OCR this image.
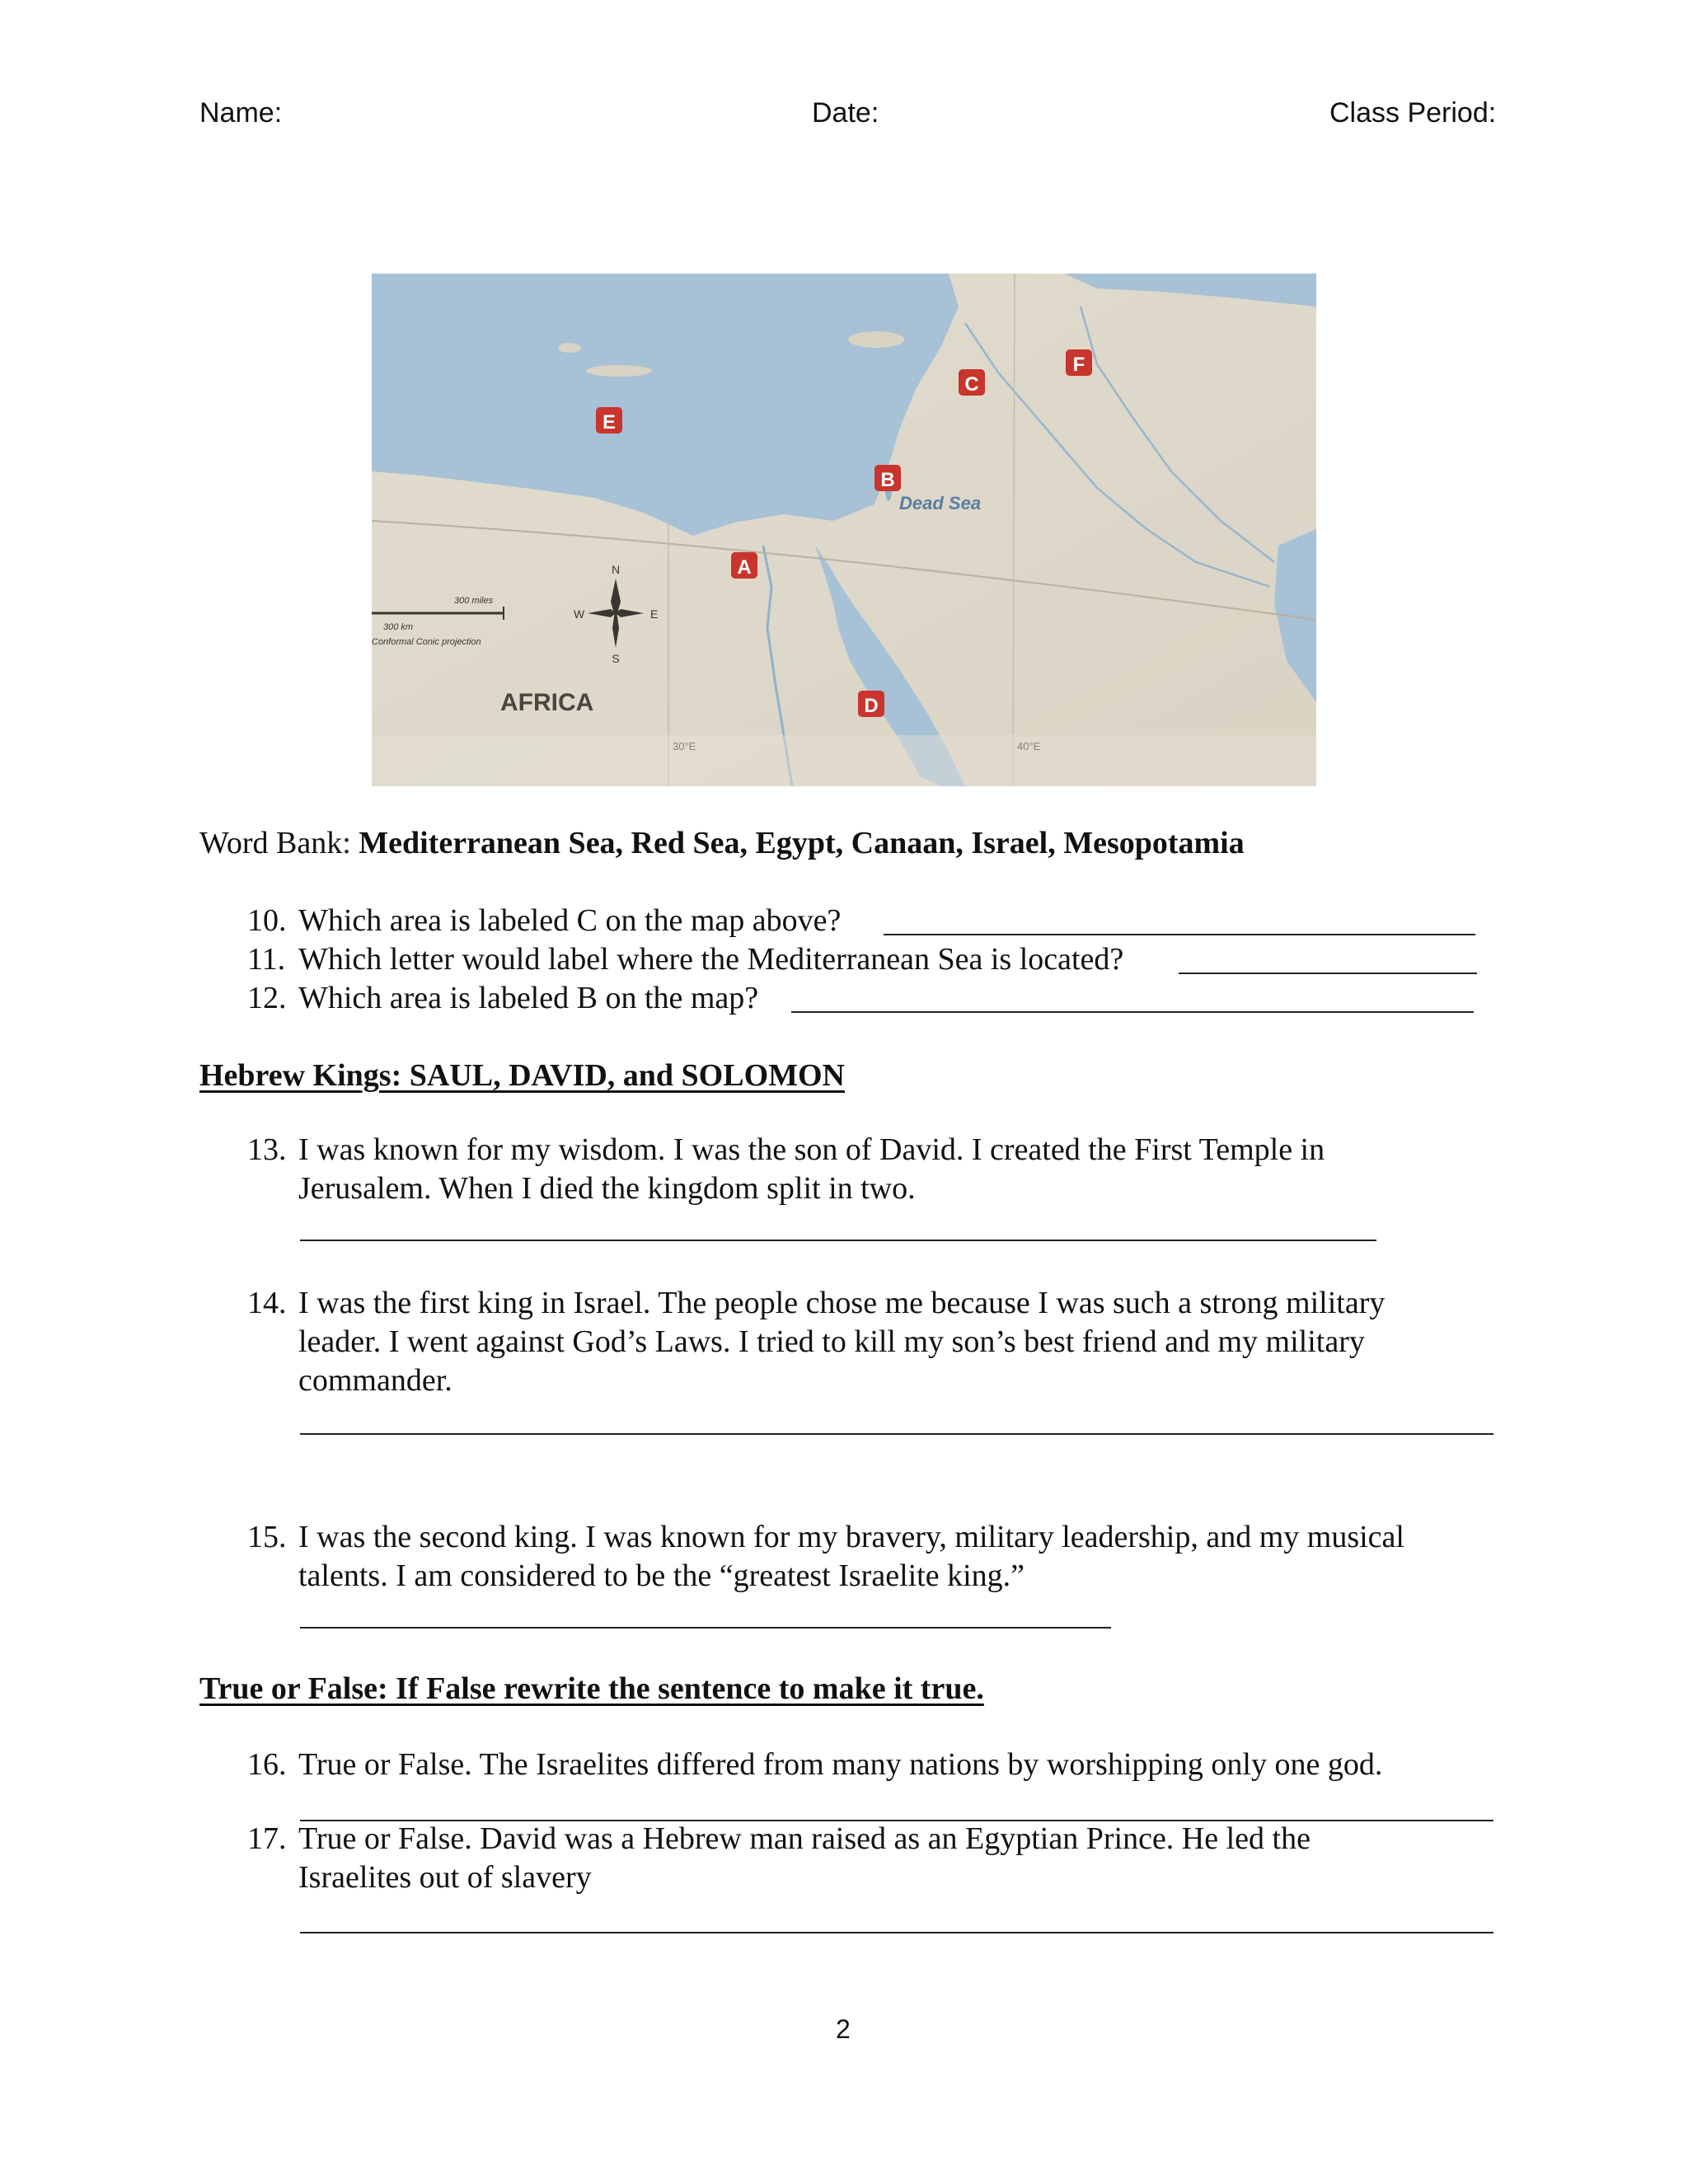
Name:	Date:	Class Period:
E
C
F
B
A
D
Dead Sea
AFRICA
N
S
E
W
300 miles
300 km
Conformal Conic projection
30°E	40°E
Word Bank: Mediterranean Sea, Red Sea, Egypt, Canaan, Israel, Mesopotamia
10. Which area is labeled C on the map above?
11. Which letter would label where the Mediterranean Sea is located?
12. Which area is labeled B on the map?
Hebrew Kings: SAUL, DAVID, and SOLOMON
13. I was known for my wisdom. I was the son of David. I created the First Temple in
Jerusalem. When I died the kingdom split in two.
14. I was the first king in Israel. The people chose me because I was such a strong military
leader. I went against God’s Laws. I tried to kill my son’s best friend and my military
commander.
15. I was the second king. I was known for my bravery, military leadership, and my musical
talents. I am considered to be the “greatest Israelite king.”
True or False: If False rewrite the sentence to make it true.
16. True or False. The Israelites differed from many nations by worshipping only one god.
17. True or False. David was a Hebrew man raised as an Egyptian Prince. He led the
Israelites out of slavery
2
